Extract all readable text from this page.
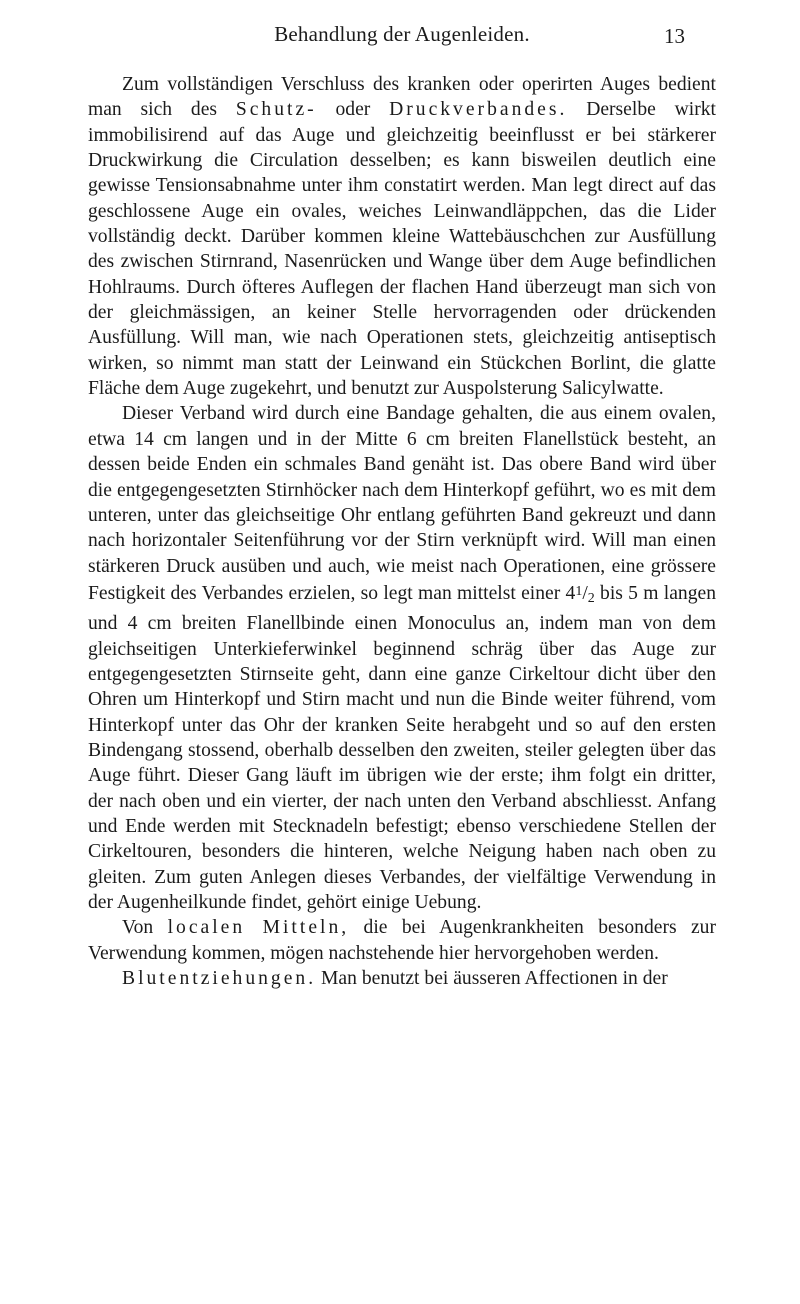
Behandlung der Augenleiden.	13

Zum vollständigen Verschluss des kranken oder operirten Auges bedient man sich des Schutz- oder Druckverbandes. Derselbe wirkt immobilisirend auf das Auge und gleichzeitig beeinflusst er bei stärkerer Druckwirkung die Circulation desselben; es kann bisweilen deutlich eine gewisse Tensionsabnahme unter ihm constatirt werden. Man legt direct auf das geschlossene Auge ein ovales, weiches Leinwandläppchen, das die Lider vollständig deckt. Darüber kommen kleine Wattebäuschchen zur Ausfüllung des zwischen Stirnrand, Nasenrücken und Wange über dem Auge befindlichen Hohlraums. Durch öfteres Auflegen der flachen Hand überzeugt man sich von der gleichmässigen, an keiner Stelle hervorragenden oder drückenden Ausfüllung. Will man, wie nach Operationen stets, gleichzeitig antiseptisch wirken, so nimmt man statt der Leinwand ein Stückchen Borlint, die glatte Fläche dem Auge zugekehrt, und benutzt zur Auspolsterung Salicylwatte.

Dieser Verband wird durch eine Bandage gehalten, die aus einem ovalen, etwa 14 cm langen und in der Mitte 6 cm breiten Flanellstück besteht, an dessen beide Enden ein schmales Band genäht ist. Das obere Band wird über die entgegengesetzten Stirnhöcker nach dem Hinterkopf geführt, wo es mit dem unteren, unter das gleichseitige Ohr entlang geführten Band gekreuzt und dann nach horizontaler Seitenführung vor der Stirn verknüpft wird. Will man einen stärkeren Druck ausüben und auch, wie meist nach Operationen, eine grössere Festigkeit des Verbandes erzielen, so legt man mittelst einer $4^1/2$ bis 5 m langen und 4 cm breiten Flanellbinde einen Monoculus an, indem man von dem gleichseitigen Unterkieferwinkel beginnend schräg über das Auge zur entgegengesetzten Stirnseite geht, dann eine ganze Cirkeltour dicht über den Ohren um Hinterkopf und Stirn macht und nun die Binde weiter führend, vom Hinterkopf unter das Ohr der kranken Seite herabgeht und so auf den ersten Bindengang stossend, oberhalb desselben den zweiten, steiler gelegten über das Auge führt. Dieser Gang läuft im übrigen wie der erste; ihm folgt ein dritter, der nach oben und ein vierter, der nach unten den Verband abschliesst. Anfang und Ende werden mit Stecknadeln befestigt; ebenso verschiedene Stellen der Cirkeltouren, besonders die hinteren, welche Neigung haben nach oben zu gleiten. Zum guten Anlegen dieses Verbandes, der vielfältige Verwendung in der Augenheilkunde findet, gehört einige Uebung.

Von localen Mitteln, die bei Augenkrankheiten besonders zur Verwendung kommen, mögen nachstehende hier hervorgehoben werden.

Blutentziehungen. Man benutzt bei äusseren Affectionen in der
